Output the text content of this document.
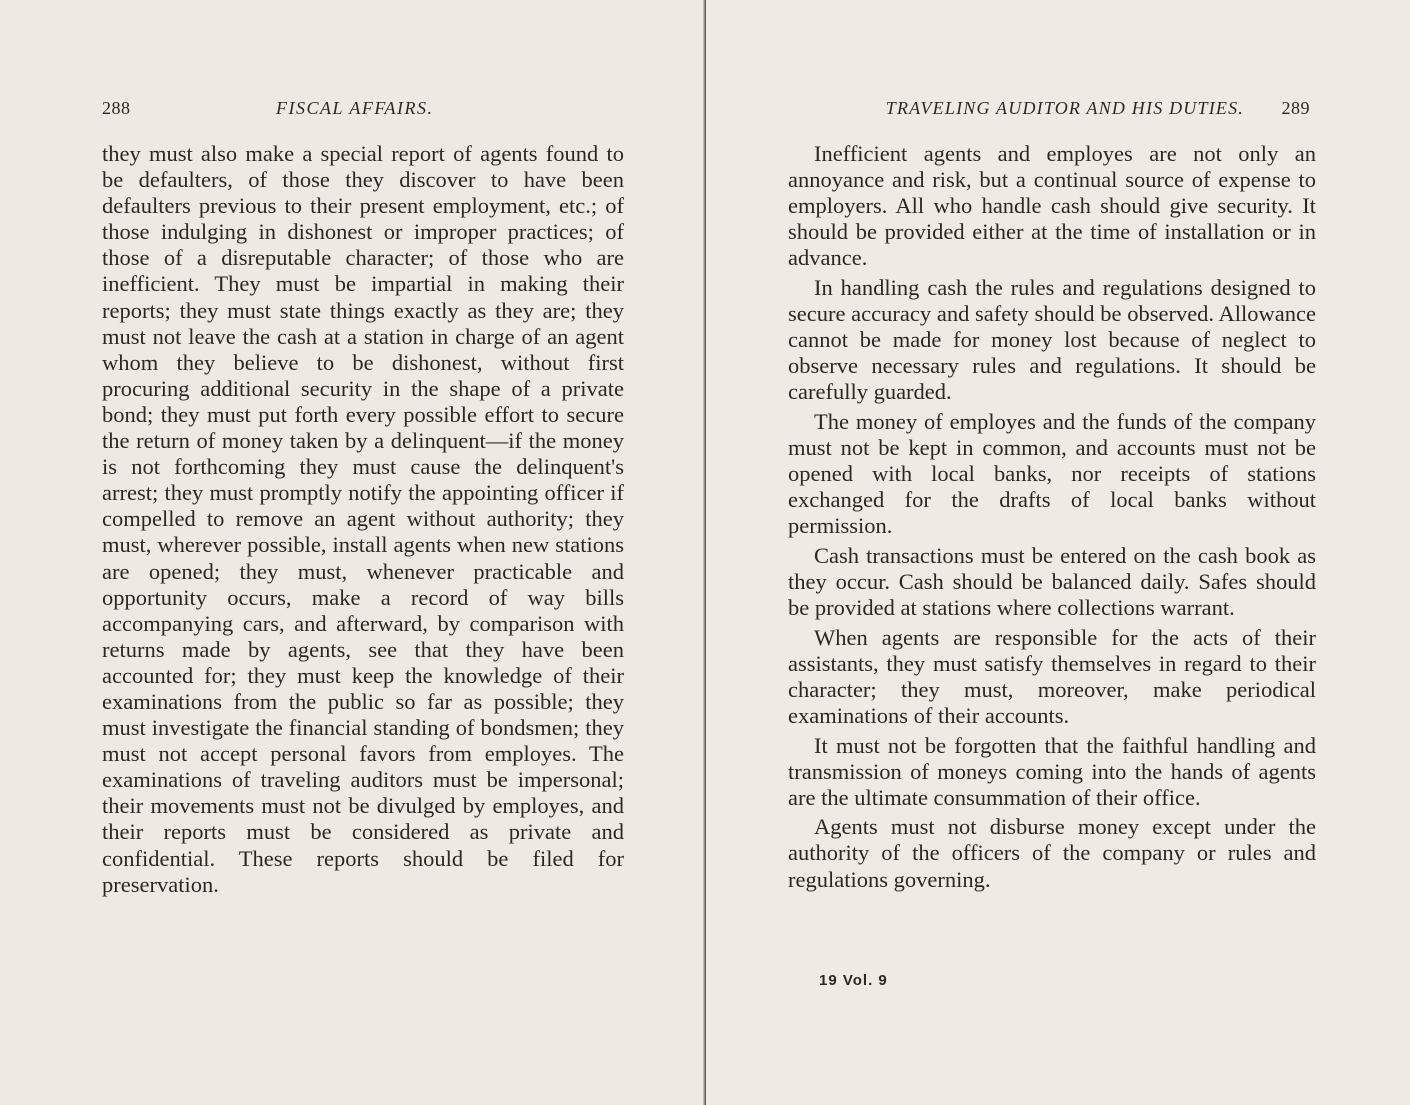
288	FISCAL AFFAIRS.

they must also make a special report of agents found to be defaulters, of those they discover to have been defaulters previous to their present employment, etc.; of those indulging in dishonest or improper practices; of those of a disreputable character; of those who are inefficient. They must be impartial in making their reports; they must state things exactly as they are; they must not leave the cash at a station in charge of an agent whom they believe to be dishonest, without first procuring additional security in the shape of a private bond; they must put forth every possible effort to secure the return of money taken by a delinquent—if the money is not forthcoming they must cause the delinquent's arrest; they must promptly notify the appointing officer if compelled to remove an agent without authority; they must, wherever possible, install agents when new stations are opened; they must, whenever practicable and opportunity occurs, make a record of way bills accompanying cars, and afterward, by comparison with returns made by agents, see that they have been accounted for; they must keep the knowledge of their examinations from the public so far as possible; they must investigate the financial standing of bondsmen; they must not accept personal favors from employes. The examinations of traveling auditors must be impersonal; their movements must not be divulged by employes, and their reports must be considered as private and confidential. These reports should be filed for preservation.

TRAVELING AUDITOR AND HIS DUTIES. 289

Inefficient agents and employes are not only an annoyance and risk, but a continual source of expense to employers. All who handle cash should give security. It should be provided either at the time of installation or in advance.

In handling cash the rules and regulations designed to secure accuracy and safety should be observed. Allowance cannot be made for money lost because of neglect to observe necessary rules and regulations. It should be carefully guarded.

The money of employes and the funds of the company must not be kept in common, and accounts must not be opened with local banks, nor receipts of stations exchanged for the drafts of local banks without permission.

Cash transactions must be entered on the cash book as they occur. Cash should be balanced daily. Safes should be provided at stations where collections warrant.

When agents are responsible for the acts of their assistants, they must satisfy themselves in regard to their character; they must, moreover, make periodical examinations of their accounts.

It must not be forgotten that the faithful handling and transmission of moneys coming into the hands of agents are the ultimate consummation of their office.

Agents must not disburse money except under the authority of the officers of the company or rules and regulations governing.

19 Vol. 9
